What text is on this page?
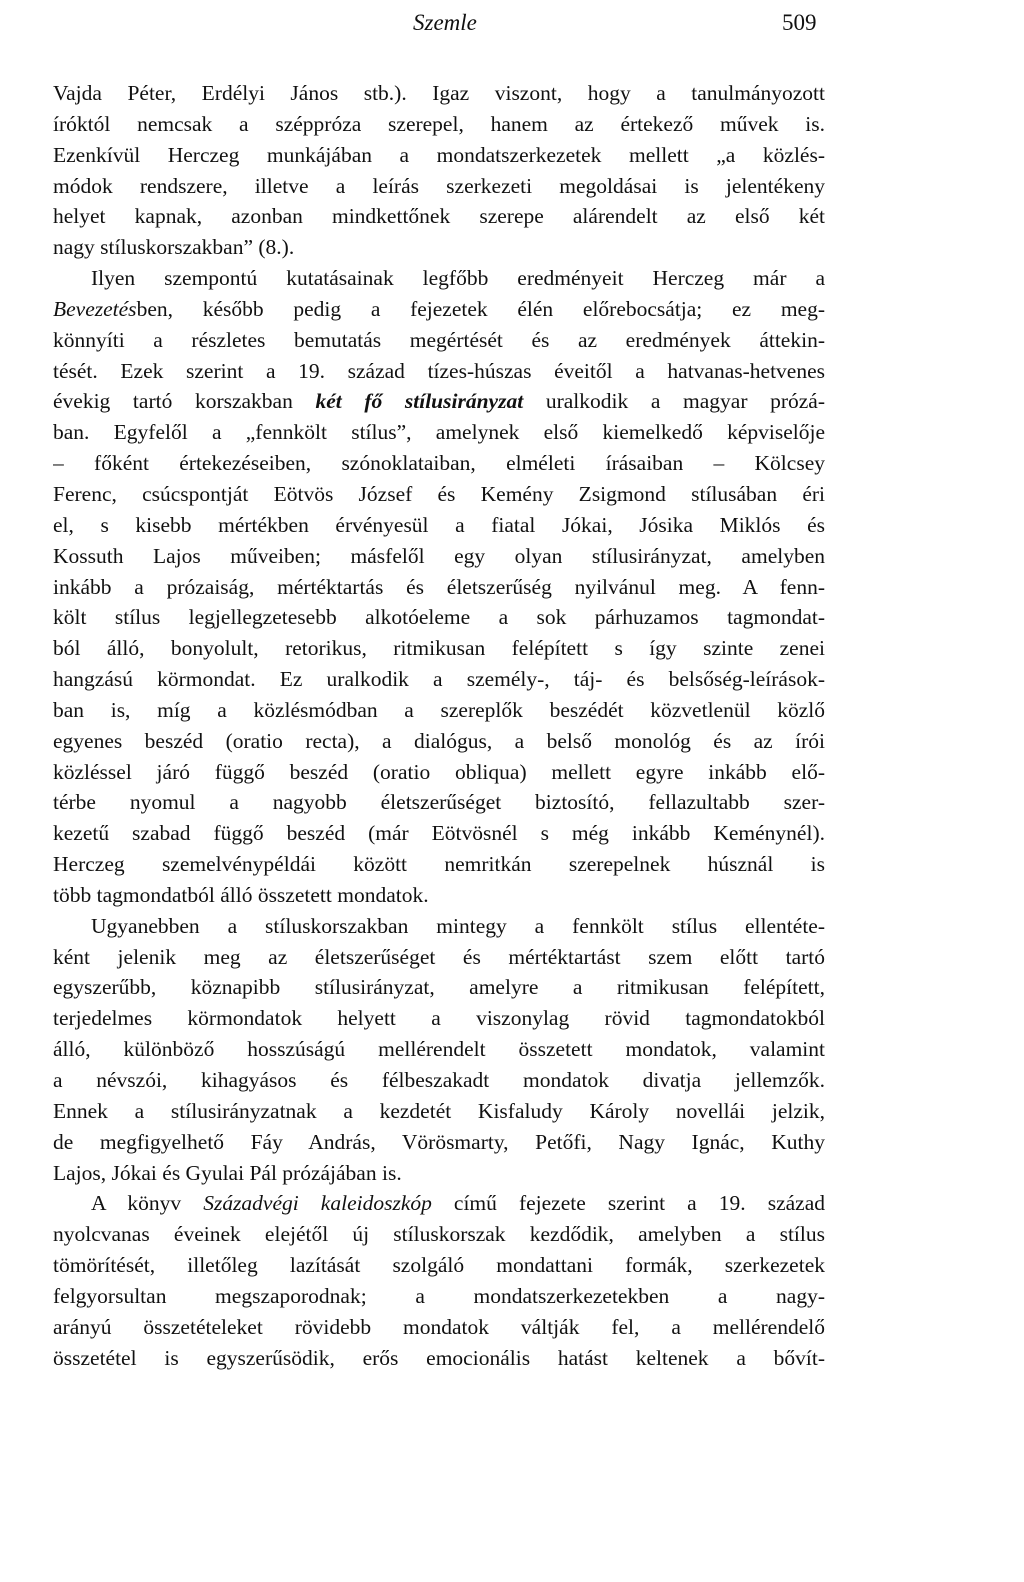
Szemle	509
Vajda Péter, Erdélyi János stb.). Igaz viszont, hogy a tanulmányozott
íróktól nemcsak a széppróza szerepel, hanem az értekező művek is.
Ezenkívül Herczeg munkájában a mondatszerkezetek mellett „a közlés-
módok rendszere, illetve a leírás szerkezeti megoldásai is jelentékeny
helyet kapnak, azonban mindkettőnek szerepe alárendelt az első két
nagy stíluskorszakban” (8.).
Ilyen szempontú kutatásainak legfőbb eredményeit Herczeg már a
Bevezetésben, később pedig a fejezetek élén előrebocsátja; ez meg-
könnyíti a részletes bemutatás megértését és az eredmények áttekin-
tését. Ezek szerint a 19. század tízes-húszas éveitől a hatvanas-hetvenes
évekig tartó korszakban két fő stílusirányzat uralkodik a magyar prózá-
ban. Egyfelől a „fennkölt stílus”, amelynek első kiemelkedő képviselője
– főként értekezéseiben, szónoklataiban, elméleti írásaiban – Kölcsey
Ferenc, csúcspontját Eötvös József és Kemény Zsigmond stílusában éri
el, s kisebb mértékben érvényesül a fiatal Jókai, Jósika Miklós és
Kossuth Lajos műveiben; másfelől egy olyan stílusirányzat, amelyben
inkább a prózaiság, mértéktartás és életszerűség nyilvánul meg. A fenn-
költ stílus legjellegzetesebb alkotóeleme a sok párhuzamos tagmondat-
ból álló, bonyolult, retorikus, ritmikusan felépített s így szinte zenei
hangzású körmondat. Ez uralkodik a személy-, táj- és belsőség-leírások-
ban is, míg a közlésmódban a szereplők beszédét közvetlenül közlő
egyenes beszéd (oratio recta), a dialógus, a belső monológ és az írói
közléssel járó függő beszéd (oratio obliqua) mellett egyre inkább elő-
térbe nyomul a nagyobb életszerűséget biztosító, fellazultabb szer-
kezetű szabad függő beszéd (már Eötvösnél s még inkább Keménynél).
Herczeg szemelvénypéldái között nemritkán szerepelnek húsznál is
több tagmondatból álló összetett mondatok.
Ugyanebben a stíluskorszakban mintegy a fennkölt stílus ellentéte-
ként jelenik meg az életszerűséget és mértéktartást szem előtt tartó
egyszerűbb, köznapibb stílusirányzat, amelyre a ritmikusan felépített,
terjedelmes körmondatok helyett a viszonylag rövid tagmondatokból
álló, különböző hosszúságú mellérendelt összetett mondatok, valamint
a névszói, kihagyásos és félbeszakadt mondatok divatja jellemzők.
Ennek a stílusirányzatnak a kezdetét Kisfaludy Károly novellái jelzik,
de megfigyelhető Fáy András, Vörösmarty, Petőfi, Nagy Ignác, Kuthy
Lajos, Jókai és Gyulai Pál prózájában is.
A könyv Századvégi kaleidoszkóp című fejezete szerint a 19. század
nyolcvanas éveinek elejétől új stíluskorszak kezdődik, amelyben a stílus
tömörítését, illetőleg lazítását szolgáló mondattani formák, szerkezetek
felgyorsultan megszaporodnak; a mondatszerkezetekben a nagy-
arányú összetételeket rövidebb mondatok váltják fel, a mellérendelő
összetétel is egyszerűsödik, erős emocionális hatást keltenek a bővít-
